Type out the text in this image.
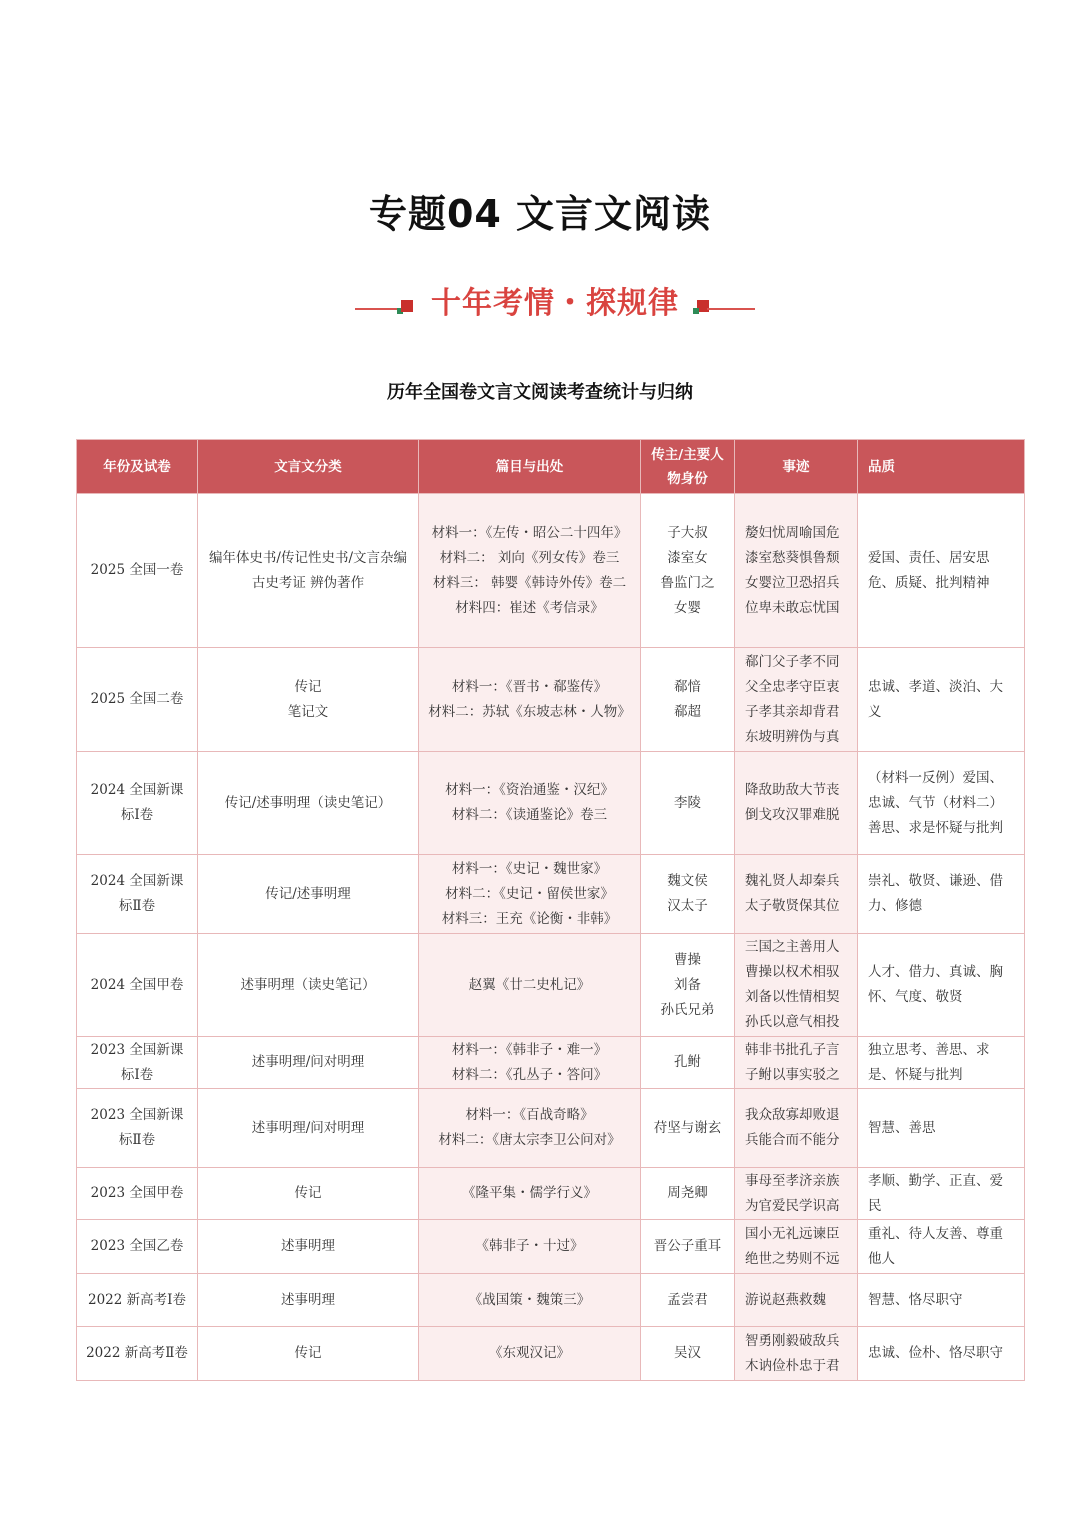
专题04 文言文阅读
十年考情・探规律
历年全国卷文言文阅读考查统计与归纳
年份及试卷	文言文分类	篇目与出处	传主/主要人物身份	事迹	品质
2025 全国一卷	编年体史书/传记性史书/文言杂编 古史考证 辨伪著作	材料一：《左传・昭公二十四年》
材料二： 刘向《列女传》卷三
材料三： 韩婴《韩诗外传》卷二
材料四：崔述《考信录》	子大叔
漆室女
鲁监门之
女婴	嫠妇忧周喻国危
漆室愁葵惧鲁颓
女婴泣卫恐招兵
位卑未敢忘忧国	爱国、责任、居安思危、质疑、批判精神
2025 全国二卷	传记
笔记文	材料一：《晋书・郗鉴传》
材料二：苏轼《东坡志林・人物》	郗愔
郗超	郗门父子孝不同
父全忠孝守臣衷
子孝其亲却背君
东坡明辨伪与真	忠诚、孝道、淡泊、大义
2024 全国新课标Ⅰ卷	传记/述事明理（读史笔记）	材料一：《资治通鉴・汉纪》
材料二：《读通鉴论》卷三	李陵	降敌助敌大节丧
倒戈攻汉罪难脱	（材料一反例）爱国、忠诚、气节（材料二）善思、求是怀疑与批判
2024 全国新课标Ⅱ卷	传记/述事明理	材料一：《史记・魏世家》
材料二：《史记・留侯世家》
材料三：王充《论衡・非韩》	魏文侯
汉太子	魏礼贤人却秦兵
太子敬贤保其位	崇礼、敬贤、谦逊、借力、修德
2024 全国甲卷	述事明理（读史笔记）	赵翼《廿二史札记》	曹操
刘备
孙氏兄弟	三国之主善用人
曹操以权术相驭
刘备以性情相契
孙氏以意气相投	人才、借力、真诚、胸怀、气度、敬贤
2023 全国新课标Ⅰ卷	述事明理/问对明理	材料一：《韩非子・难一》
材料二：《孔丛子・答问》	孔鲋	韩非书批孔子言
子鲋以事实驳之	独立思考、善思、求是、怀疑与批判
2023 全国新课标Ⅱ卷	述事明理/问对明理	材料一：《百战奇略》
材料二：《唐太宗李卫公问对》	苻坚与谢玄	我众敌寡却败退
兵能合而不能分	智慧、善思
2023 全国甲卷	传记	《隆平集・儒学行义》	周尧卿	事母至孝济亲族
为官爱民学识高	孝顺、勤学、正直、爱民
2023 全国乙卷	述事明理	《韩非子・十过》	晋公子重耳	国小无礼远谏臣
绝世之势则不远	重礼、待人友善、尊重他人
2022 新高考Ⅰ卷	述事明理	《战国策・魏策三》	孟尝君	游说赵燕救魏	智慧、恪尽职守
2022 新高考Ⅱ卷	传记	《东观汉记》	吴汉	智勇刚毅破敌兵
木讷俭朴忠于君	忠诚、俭朴、恪尽职守
